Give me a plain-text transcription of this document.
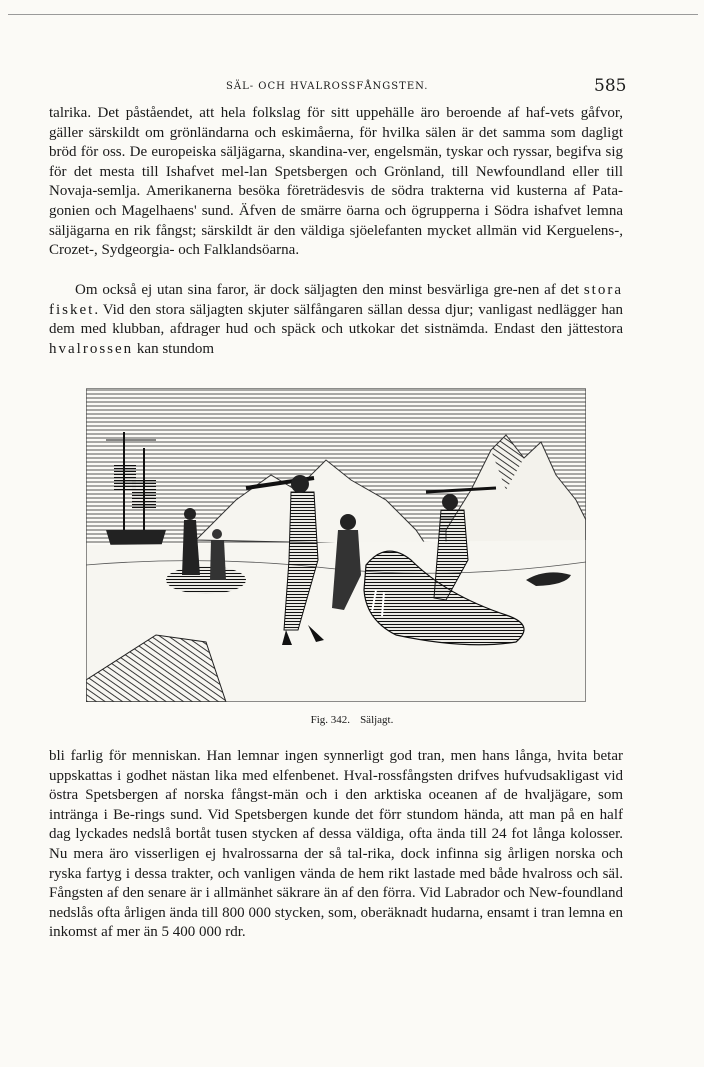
SÄL- OCH HVALROSSFÅNGSTEN.	585

talrika. Det påståendet, att hela folkslag för sitt uppehälle äro beroende af haf-vets gåfvor, gäller särskildt om grönländarna och eskimåerna, för hvilka sälen är det samma som dagligt bröd för oss. De europeiska säljägarna, skandina-ver, engelsmän, tyskar och ryssar, begifva sig för det mesta till Ishafvet mel-lan Spetsbergen och Grönland, till Newfoundland eller till Novaja-semlja. Amerikanerna besöka företrädesvis de södra trakterna vid kusterna af Pata-gonien och Magelhaens' sund. Äfven de smärre öarna och ögrupperna i Södra ishafvet lemna säljägarna en rik fångst; särskildt är den väldiga sjöelefanten mycket allmän vid Kerguelens-, Crozet-, Sydgeorgia- och Falklandsöarna.

Om också ej utan sina faror, är dock säljagten den minst besvärliga gre-nen af det stora fisket. Vid den stora säljagten skjuter sälfångaren sällan dessa djur; vanligast nedlägger han dem med klubban, afdrager hud och späck och utkokar det sistnämda. Endast den jättestora hvalrossen kan stundom

Fig. 342. Säljagt.

bli farlig för menniskan. Han lemnar ingen synnerligt god tran, men hans långa, hvita betar uppskattas i godhet nästan lika med elfenbenet. Hval-rossfångsten drifves hufvudsakligast vid östra Spetsbergen af norska fångst-män och i den arktiska oceanen af de hvaljägare, som intränga i Be-rings sund. Vid Spetsbergen kunde det förr stundom hända, att man på en half dag lyckades nedslå bortåt tusen stycken af dessa väldiga, ofta ända till 24 fot långa kolosser. Nu mera äro visserligen ej hvalrossarna der så tal-rika, dock infinna sig årligen norska och ryska fartyg i dessa trakter, och vanligen vända de hem rikt lastade med både hvalross och säl. Fångsten af den senare är i allmänhet säkrare än af den förra. Vid Labrador och New-foundland nedslås ofta årligen ända till 800 000 stycken, som, oberäknadt hudarna, ensamt i tran lemna en inkomst af mer än 5 400 000 rdr.
